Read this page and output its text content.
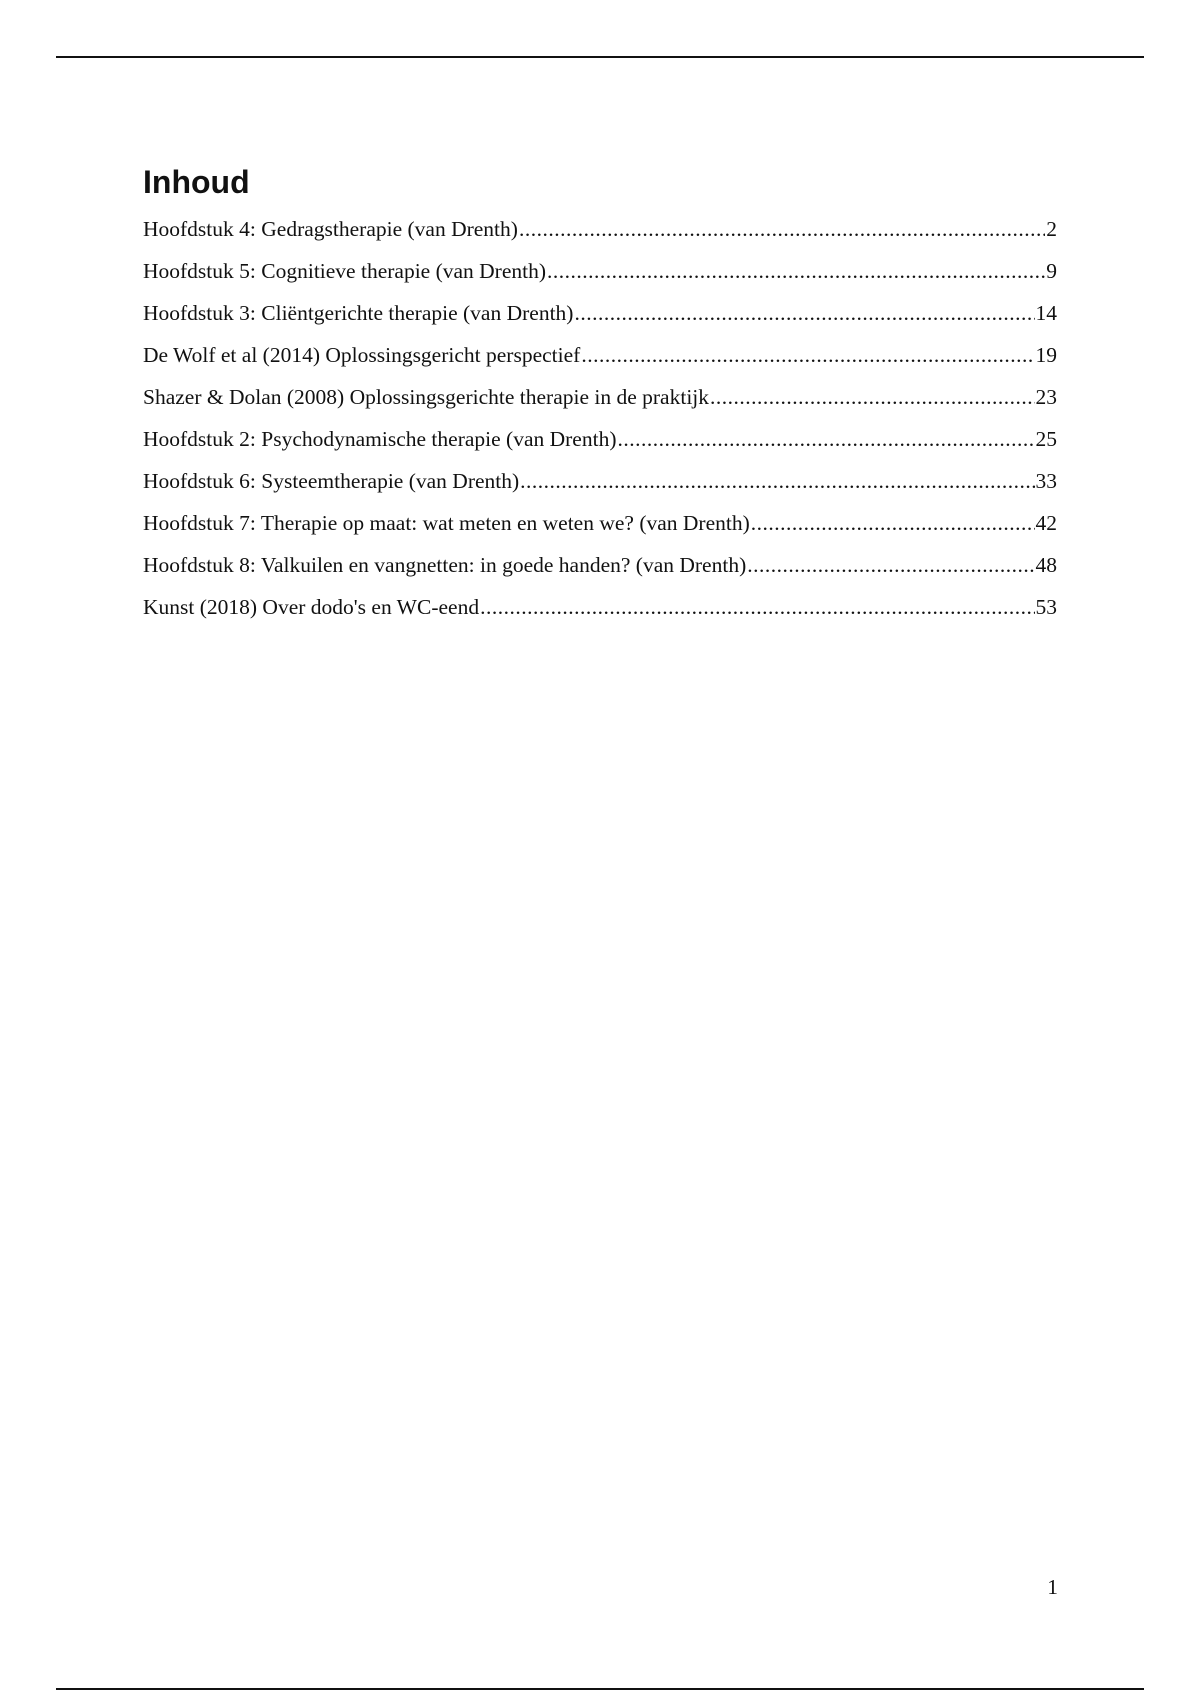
Inhoud
Hoofdstuk 4: Gedragstherapie (van Drenth) .....	2
Hoofdstuk 5: Cognitieve therapie (van Drenth) .....	9
Hoofdstuk 3: Cliëntgerichte therapie (van Drenth) .....	14
De Wolf et al (2014) Oplossingsgericht perspectief .....	19
Shazer & Dolan (2008) Oplossingsgerichte therapie in de praktijk .....	23
Hoofdstuk 2: Psychodynamische therapie (van Drenth) .....	25
Hoofdstuk 6: Systeemtherapie (van Drenth) .....	33
Hoofdstuk 7: Therapie op maat: wat meten en weten we? (van Drenth) .....	42
Hoofdstuk 8: Valkuilen en vangnetten: in goede handen? (van Drenth) .....	48
Kunst (2018) Over dodo's en WC-eend .....	53
1
